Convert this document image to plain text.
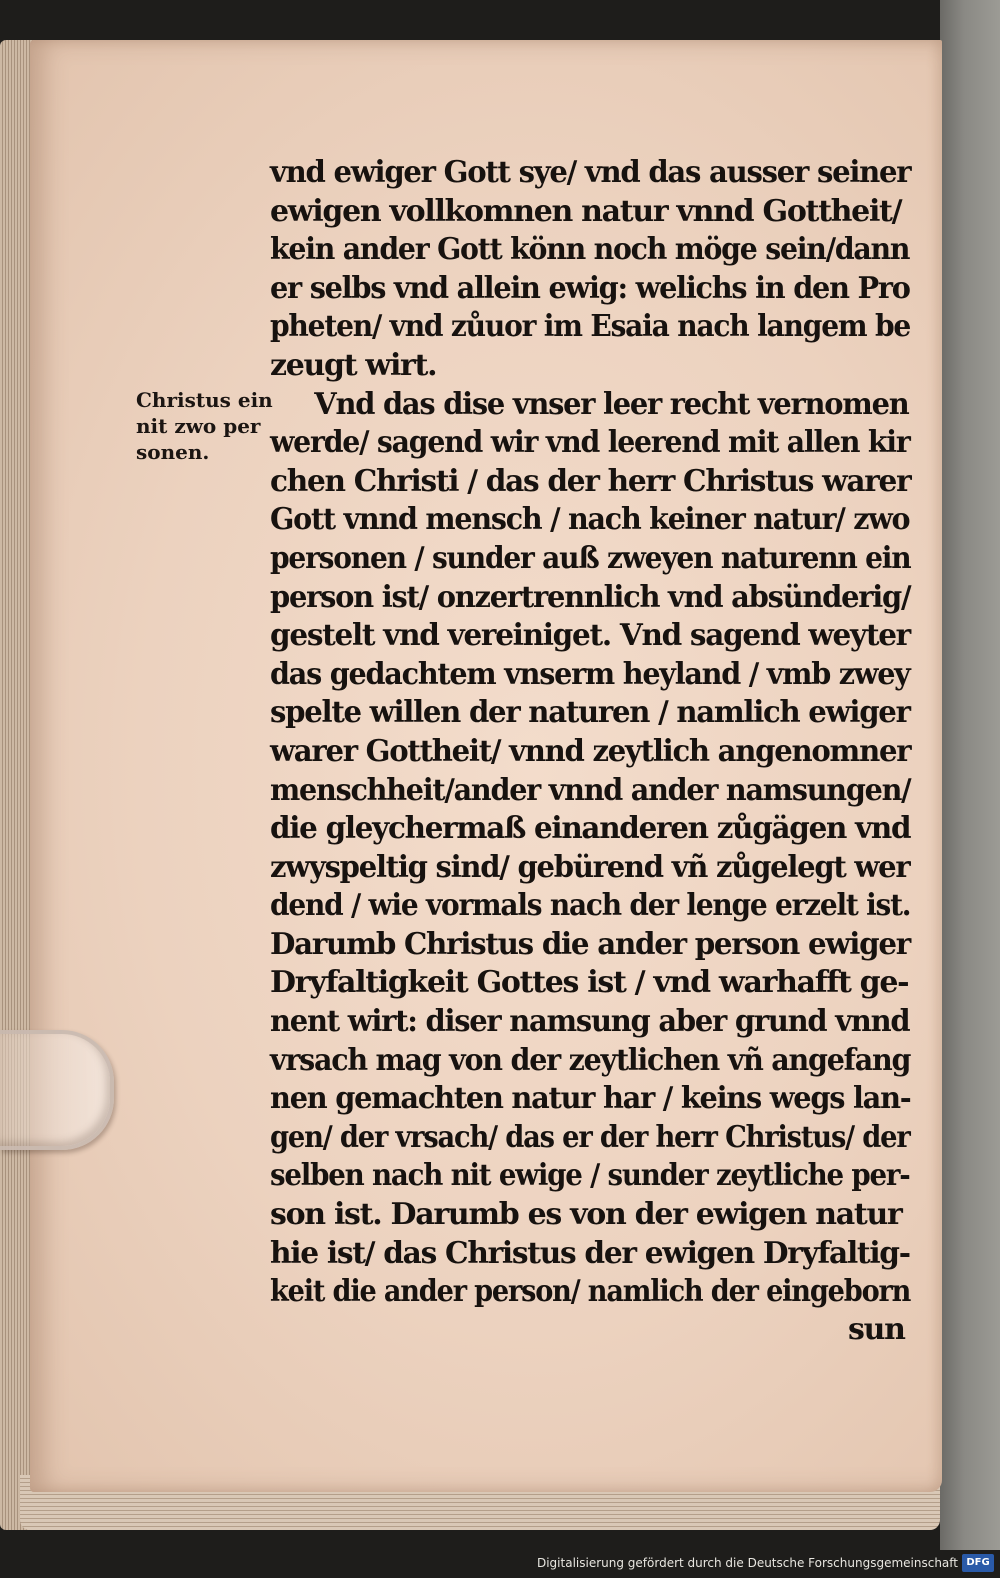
Christus ein
nit zwo per
sonen.
vnd ewiger Gott sye/ vnd das ausser seiner
ewigen vollkomnen natur vnnd Gottheit/
kein ander Gott könn noch möge sein/dann
er selbs vnd allein ewig: welichs in den Pro
pheten/ vnd zůuor im Esaia nach langem be
zeugt wirt.
Vnd das dise vnser leer recht vernomen
werde/ sagend wir vnd leerend mit allen kir
chen Christi / das der herr Christus warer
Gott vnnd mensch / nach keiner natur/ zwo
personen / sunder auß zweyen naturenn ein
person ist/ onzertrennlich vnd absünderig/
gestelt vnd vereiniget. Vnd sagend weyter
das gedachtem vnserm heyland / vmb zwey
spelte willen der naturen / namlich ewiger
warer Gottheit/ vnnd zeytlich angenomner
menschheit/ander vnnd ander namsungen/
die gleychermaß einanderen zůgägen vnd
zwyspeltig sind/ gebürend vñ zůgelegt wer
dend / wie vormals nach der lenge erzelt ist.
Darumb Christus die ander person ewiger
Dryfaltigkeit Gottes ist / vnd warhafft ge-
nent wirt: diser namsung aber grund vnnd
vrsach mag von der zeytlichen vñ angefang
nen gemachten natur har / keins wegs lan-
gen/ der vrsach/ das er der herr Christus/ der
selben nach nit ewige / sunder zeytliche per-
son ist. Darumb es von der ewigen natur
hie ist/ das Christus der ewigen Dryfaltig-
keit die ander person/ namlich der eingeborn
sun
Digitalisierung gefördert durch die Deutsche Forschungsgemeinschaft DFG
